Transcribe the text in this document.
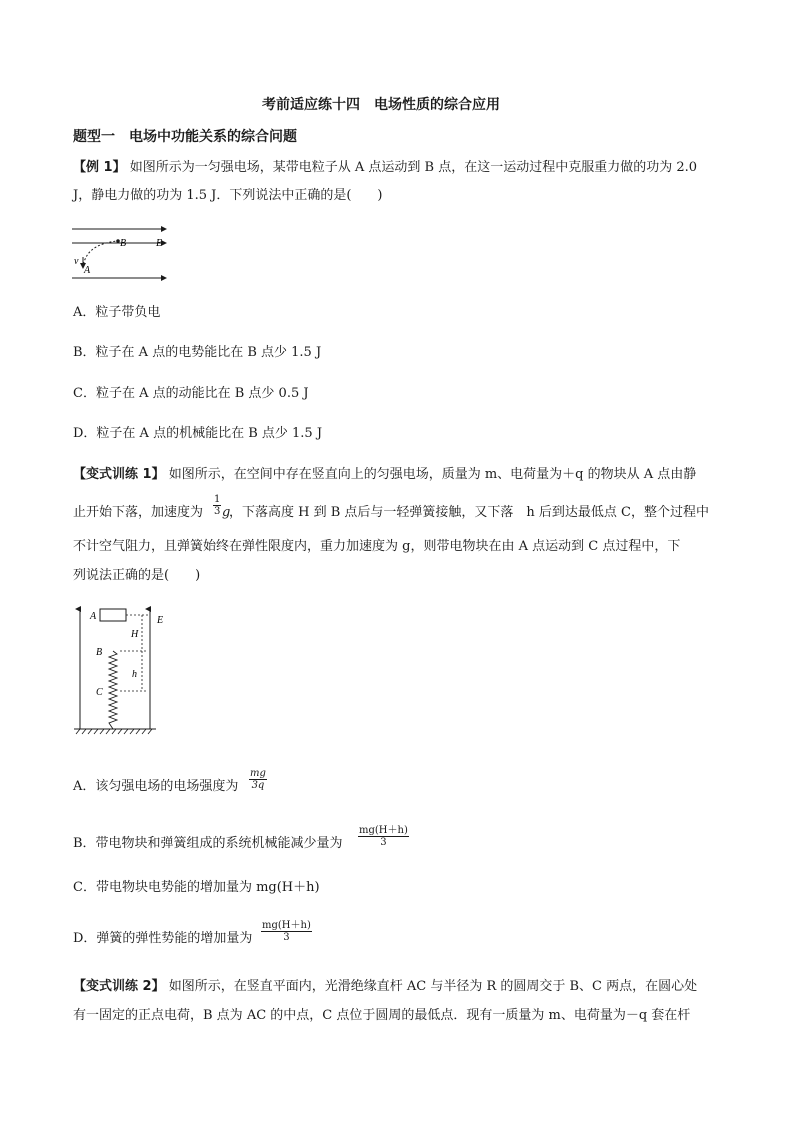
考前适应练十四　电场性质的综合应用
题型一　电场中功能关系的综合问题
【例 1】 如图所示为一匀强电场，某带电粒子从 A 点运动到 B 点，在这一运动过程中克服重力做的功为 2.0
J，静电力做的功为 1.5 J．下列说法中正确的是(　　)
B	E
v
A
A．粒子带负电
B．粒子在 A 点的电势能比在 B 点少 1.5 J
C．粒子在 A 点的动能比在 B 点少 0.5 J
D．粒子在 A 点的机械能比在 B 点少 1.5 J
【变式训练 1】 如图所示，在空间中存在竖直向上的匀强电场，质量为 m、电荷量为＋q 的物块从 A 点由静
止开始下落，加速度为 $\frac{1}{3}$ g
，下落高度 H 到 B 点后与一轻弹簧接触，又下落　h 后到达最低点 C，整个过程中
不计空气阻力，且弹簧始终在弹性限度内，重力加速度为 g，则带电物块在由 A 点运动到 C 点过程中，下
列说法正确的是(　　)
A	E
H
B
h
C
A．该匀强电场的电场强度为 $\frac{mg}{3q}$
B．带电物块和弹簧组成的系统机械能减少量为 $\frac{mg(H+h)}{3}$
C．带电物块电势能的增加量为 mg(H＋h)
D．弹簧的弹性势能的增加量为 $\frac{mg(H+h)}{3}$
【变式训练 2】 如图所示，在竖直平面内，光滑绝缘直杆 AC 与半径为 R 的圆周交于 B、C 两点，在圆心处
有一固定的正点电荷，B 点为 AC 的中点，C 点位于圆周的最低点．现有一质量为 m、电荷量为－q 套在杆
